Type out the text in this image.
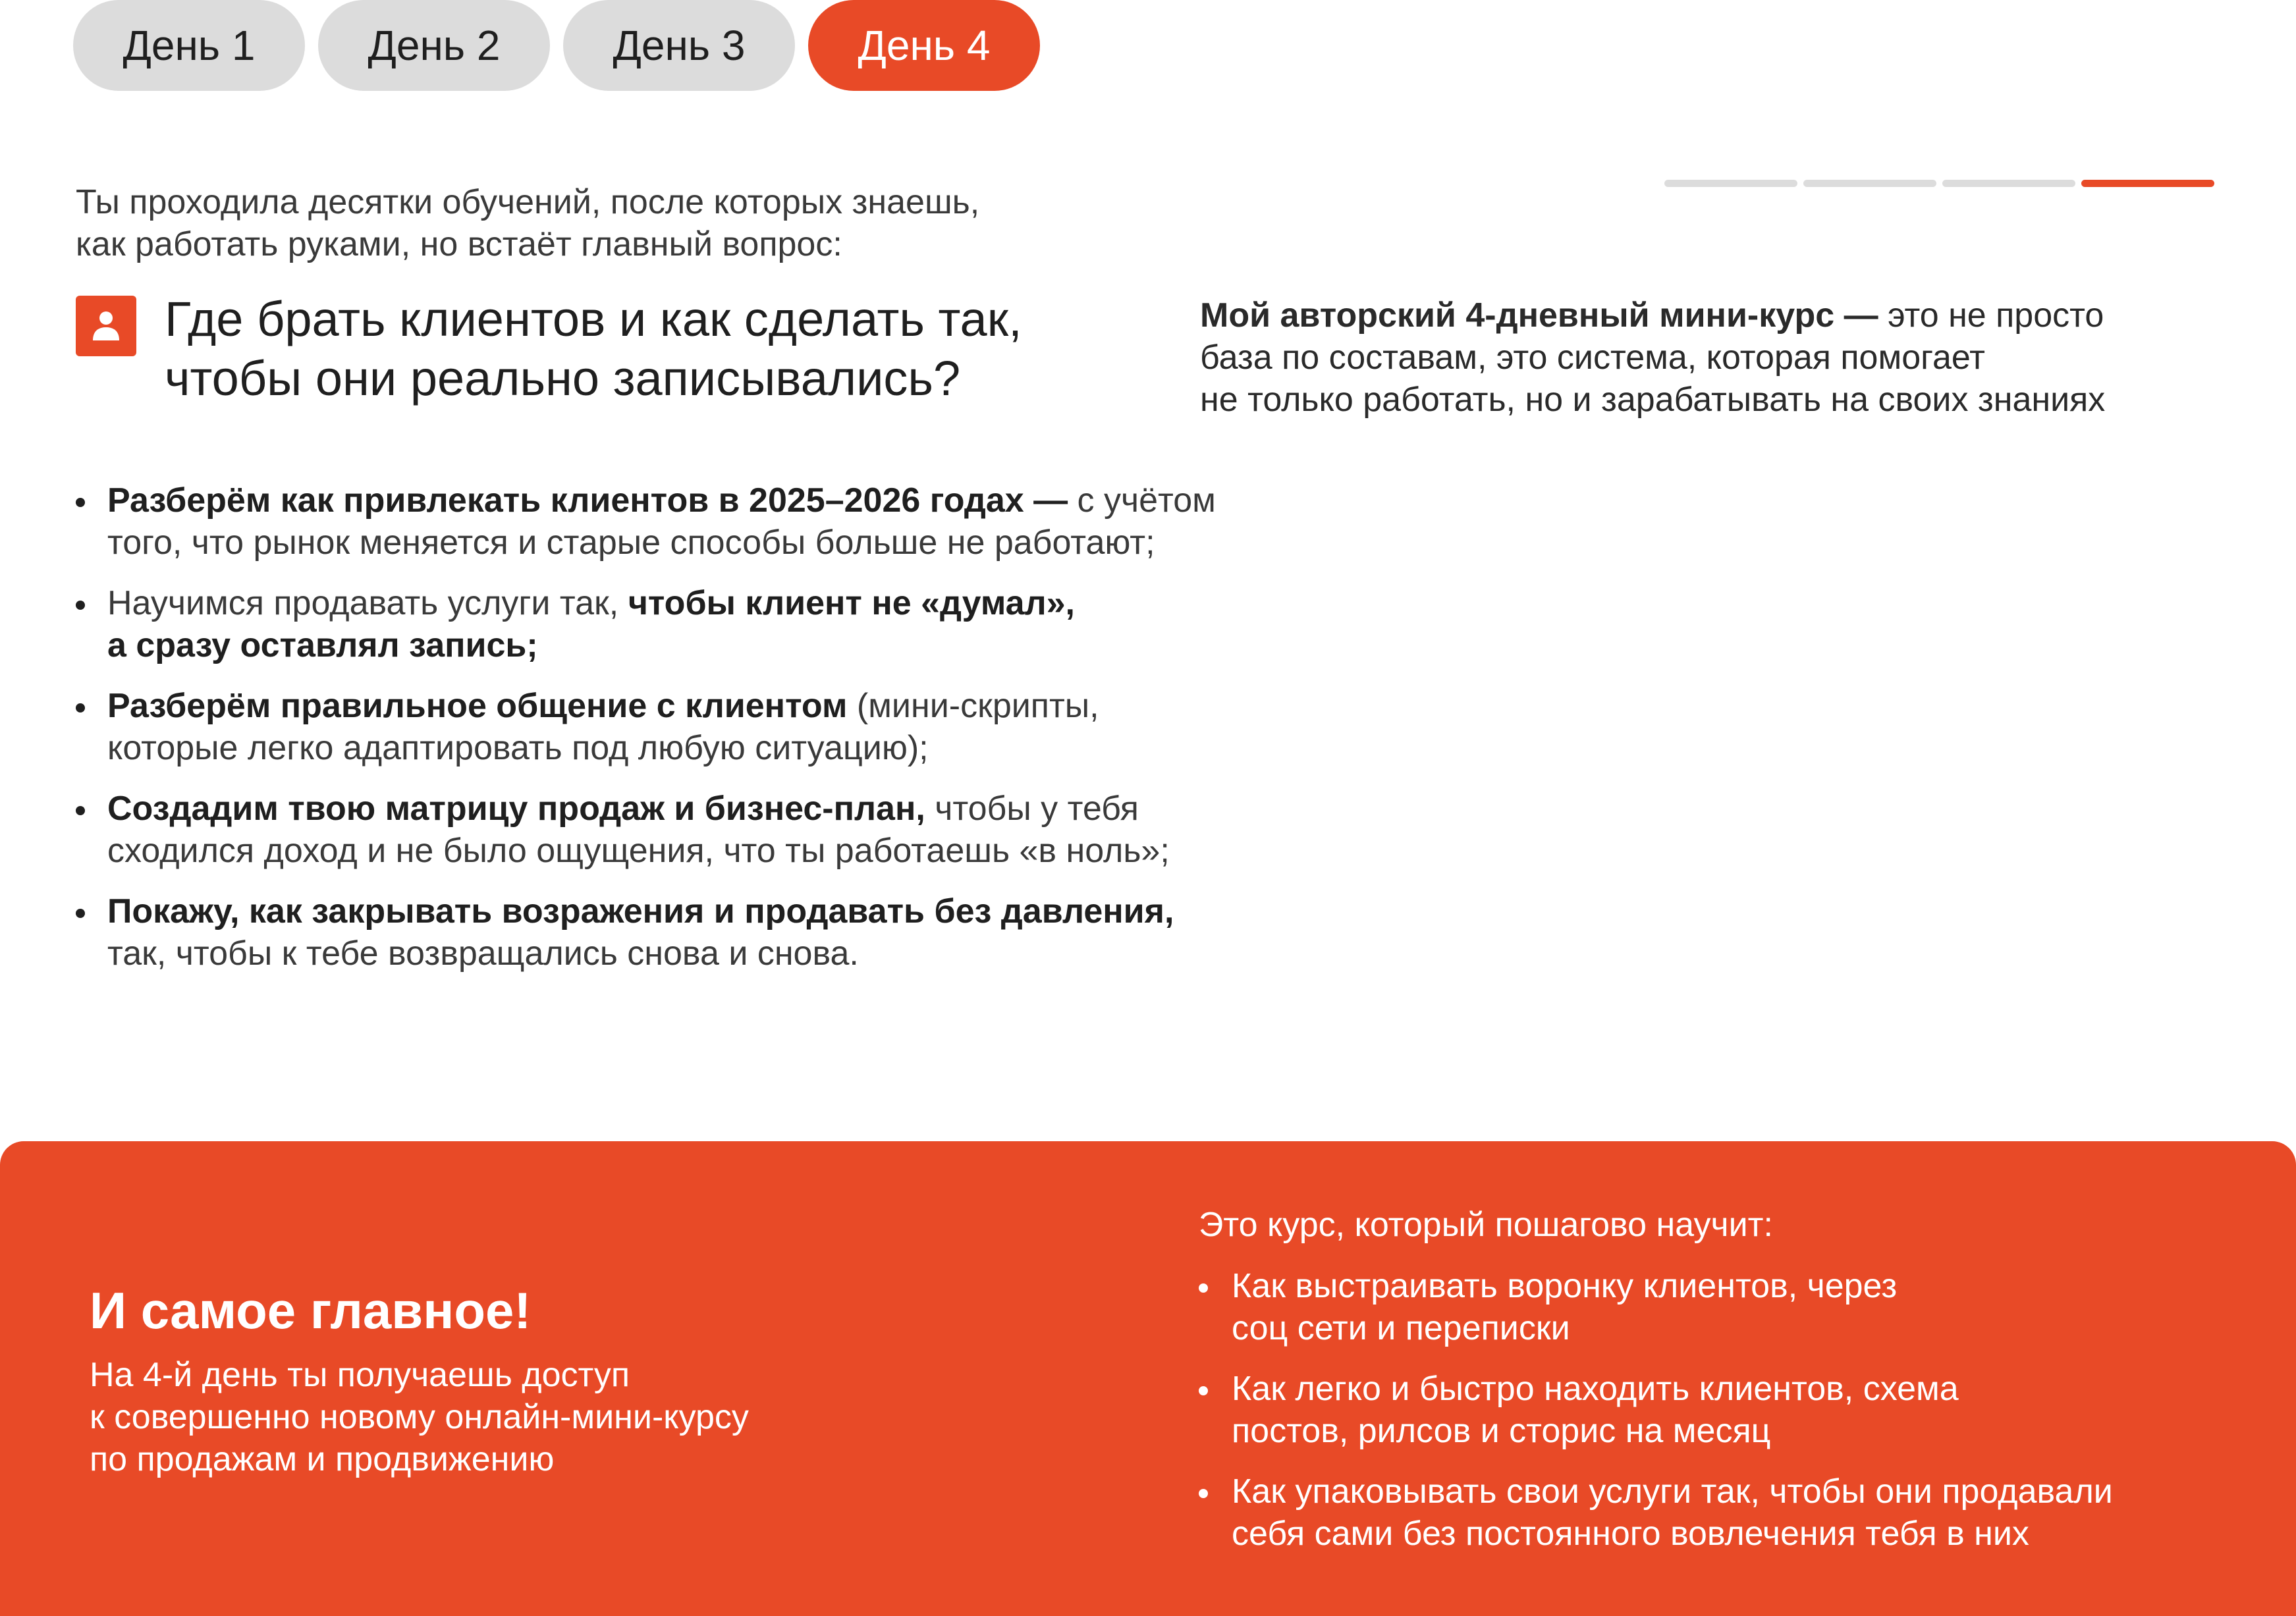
День 1	День 2	День 3	День 4
Ты проходила десятки обучений, после которых знаешь,
как работать руками, но встаёт главный вопрос:
Где брать клиентов и как сделать так,
чтобы они реально записывались?
Мой авторский 4-дневный мини-курс — это не просто
база по составам, это система, которая помогает
не только работать, но и зарабатывать на своих знаниях
Разберём как привлекать клиентов в 2025–2026 годах — с учётом
того, что рынок меняется и старые способы больше не работают;
Научимся продавать услуги так, чтобы клиент не «думал»,
а сразу оставлял запись;
Разберём правильное общение с клиентом (мини-скрипты,
которые легко адаптировать под любую ситуацию);
Создадим твою матрицу продаж и бизнес-план, чтобы у тебя
сходился доход и не было ощущения, что ты работаешь «в ноль»;
Покажу, как закрывать возражения и продавать без давления,
так, чтобы к тебе возвращались снова и снова.
И самое главное!
На 4-й день ты получаешь доступ
к совершенно новому онлайн-мини-курсу
по продажам и продвижению
Это курс, который пошагово научит:
Как выстраивать воронку клиентов, через
соц сети и переписки
Как легко и быстро находить клиентов, схема
постов, рилсов и сторис на месяц
Как упаковывать свои услуги так, чтобы они продавали
себя сами без постоянного вовлечения тебя в них
